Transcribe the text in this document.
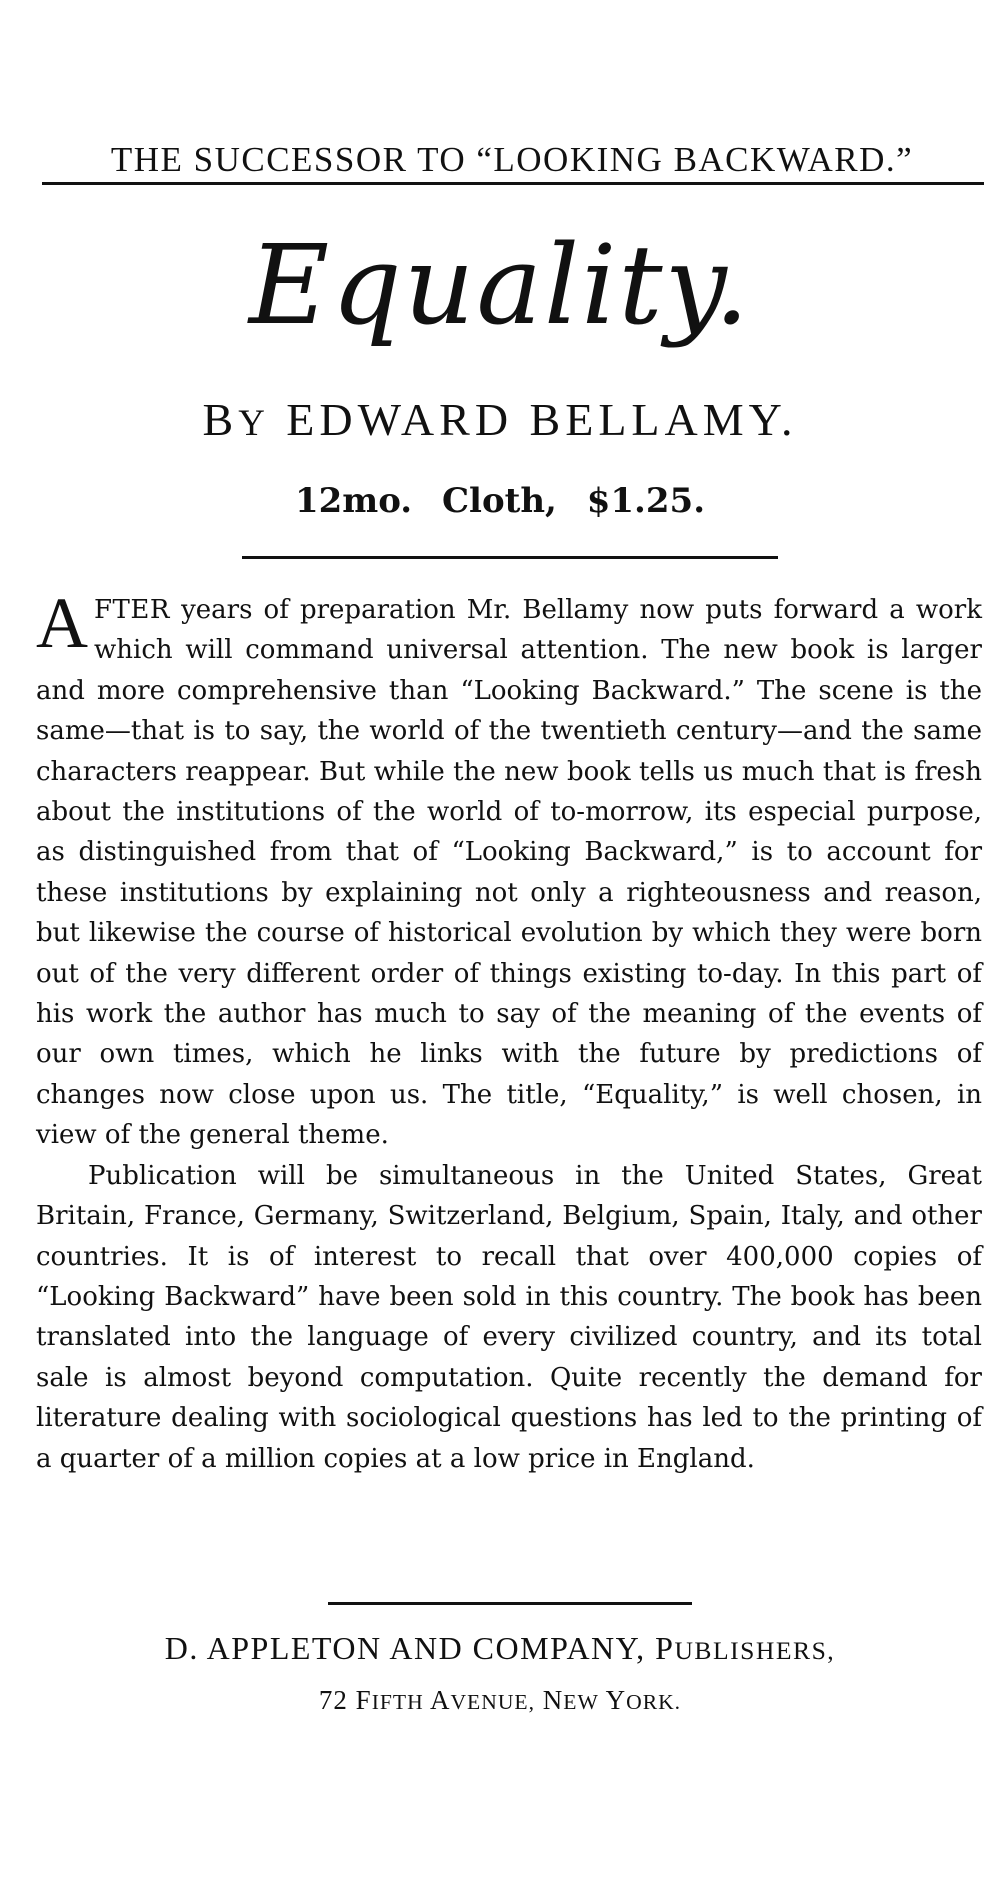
THE SUCCESSOR TO “LOOKING BACKWARD.”
Equality.
BY EDWARD BELLAMY.
12mo. Cloth, $1.25.

AFTER years of preparation Mr. Bellamy now puts forward a work which will command universal attention. The new book is larger and more comprehensive than “Looking Backward.” The scene is the same—that is to say, the world of the twentieth century—and the same characters reappear. But while the new book tells us much that is fresh about the institutions of the world of to-morrow, its especial purpose, as distinguished from that of “Looking Backward,” is to account for these institutions by explaining not only a righteousness and reason, but likewise the course of historical evolution by which they were born out of the very different order of things existing to-day. In this part of his work the author has much to say of the meaning of the events of our own times, which he links with the future by predictions of changes now close upon us. The title, “Equality,” is well chosen, in view of the general theme.

Publication will be simultaneous in the United States, Great Britain, France, Germany, Switzerland, Belgium, Spain, Italy, and other countries. It is of interest to recall that over 400,000 copies of “Looking Backward” have been sold in this country. The book has been translated into the language of every civilized country, and its total sale is almost beyond computation. Quite recently the demand for literature dealing with sociological questions has led to the printing of a quarter of a million copies at a low price in England.

D. APPLETON AND COMPANY, PUBLISHERS,
72 FIFTH AVENUE, NEW YORK.
